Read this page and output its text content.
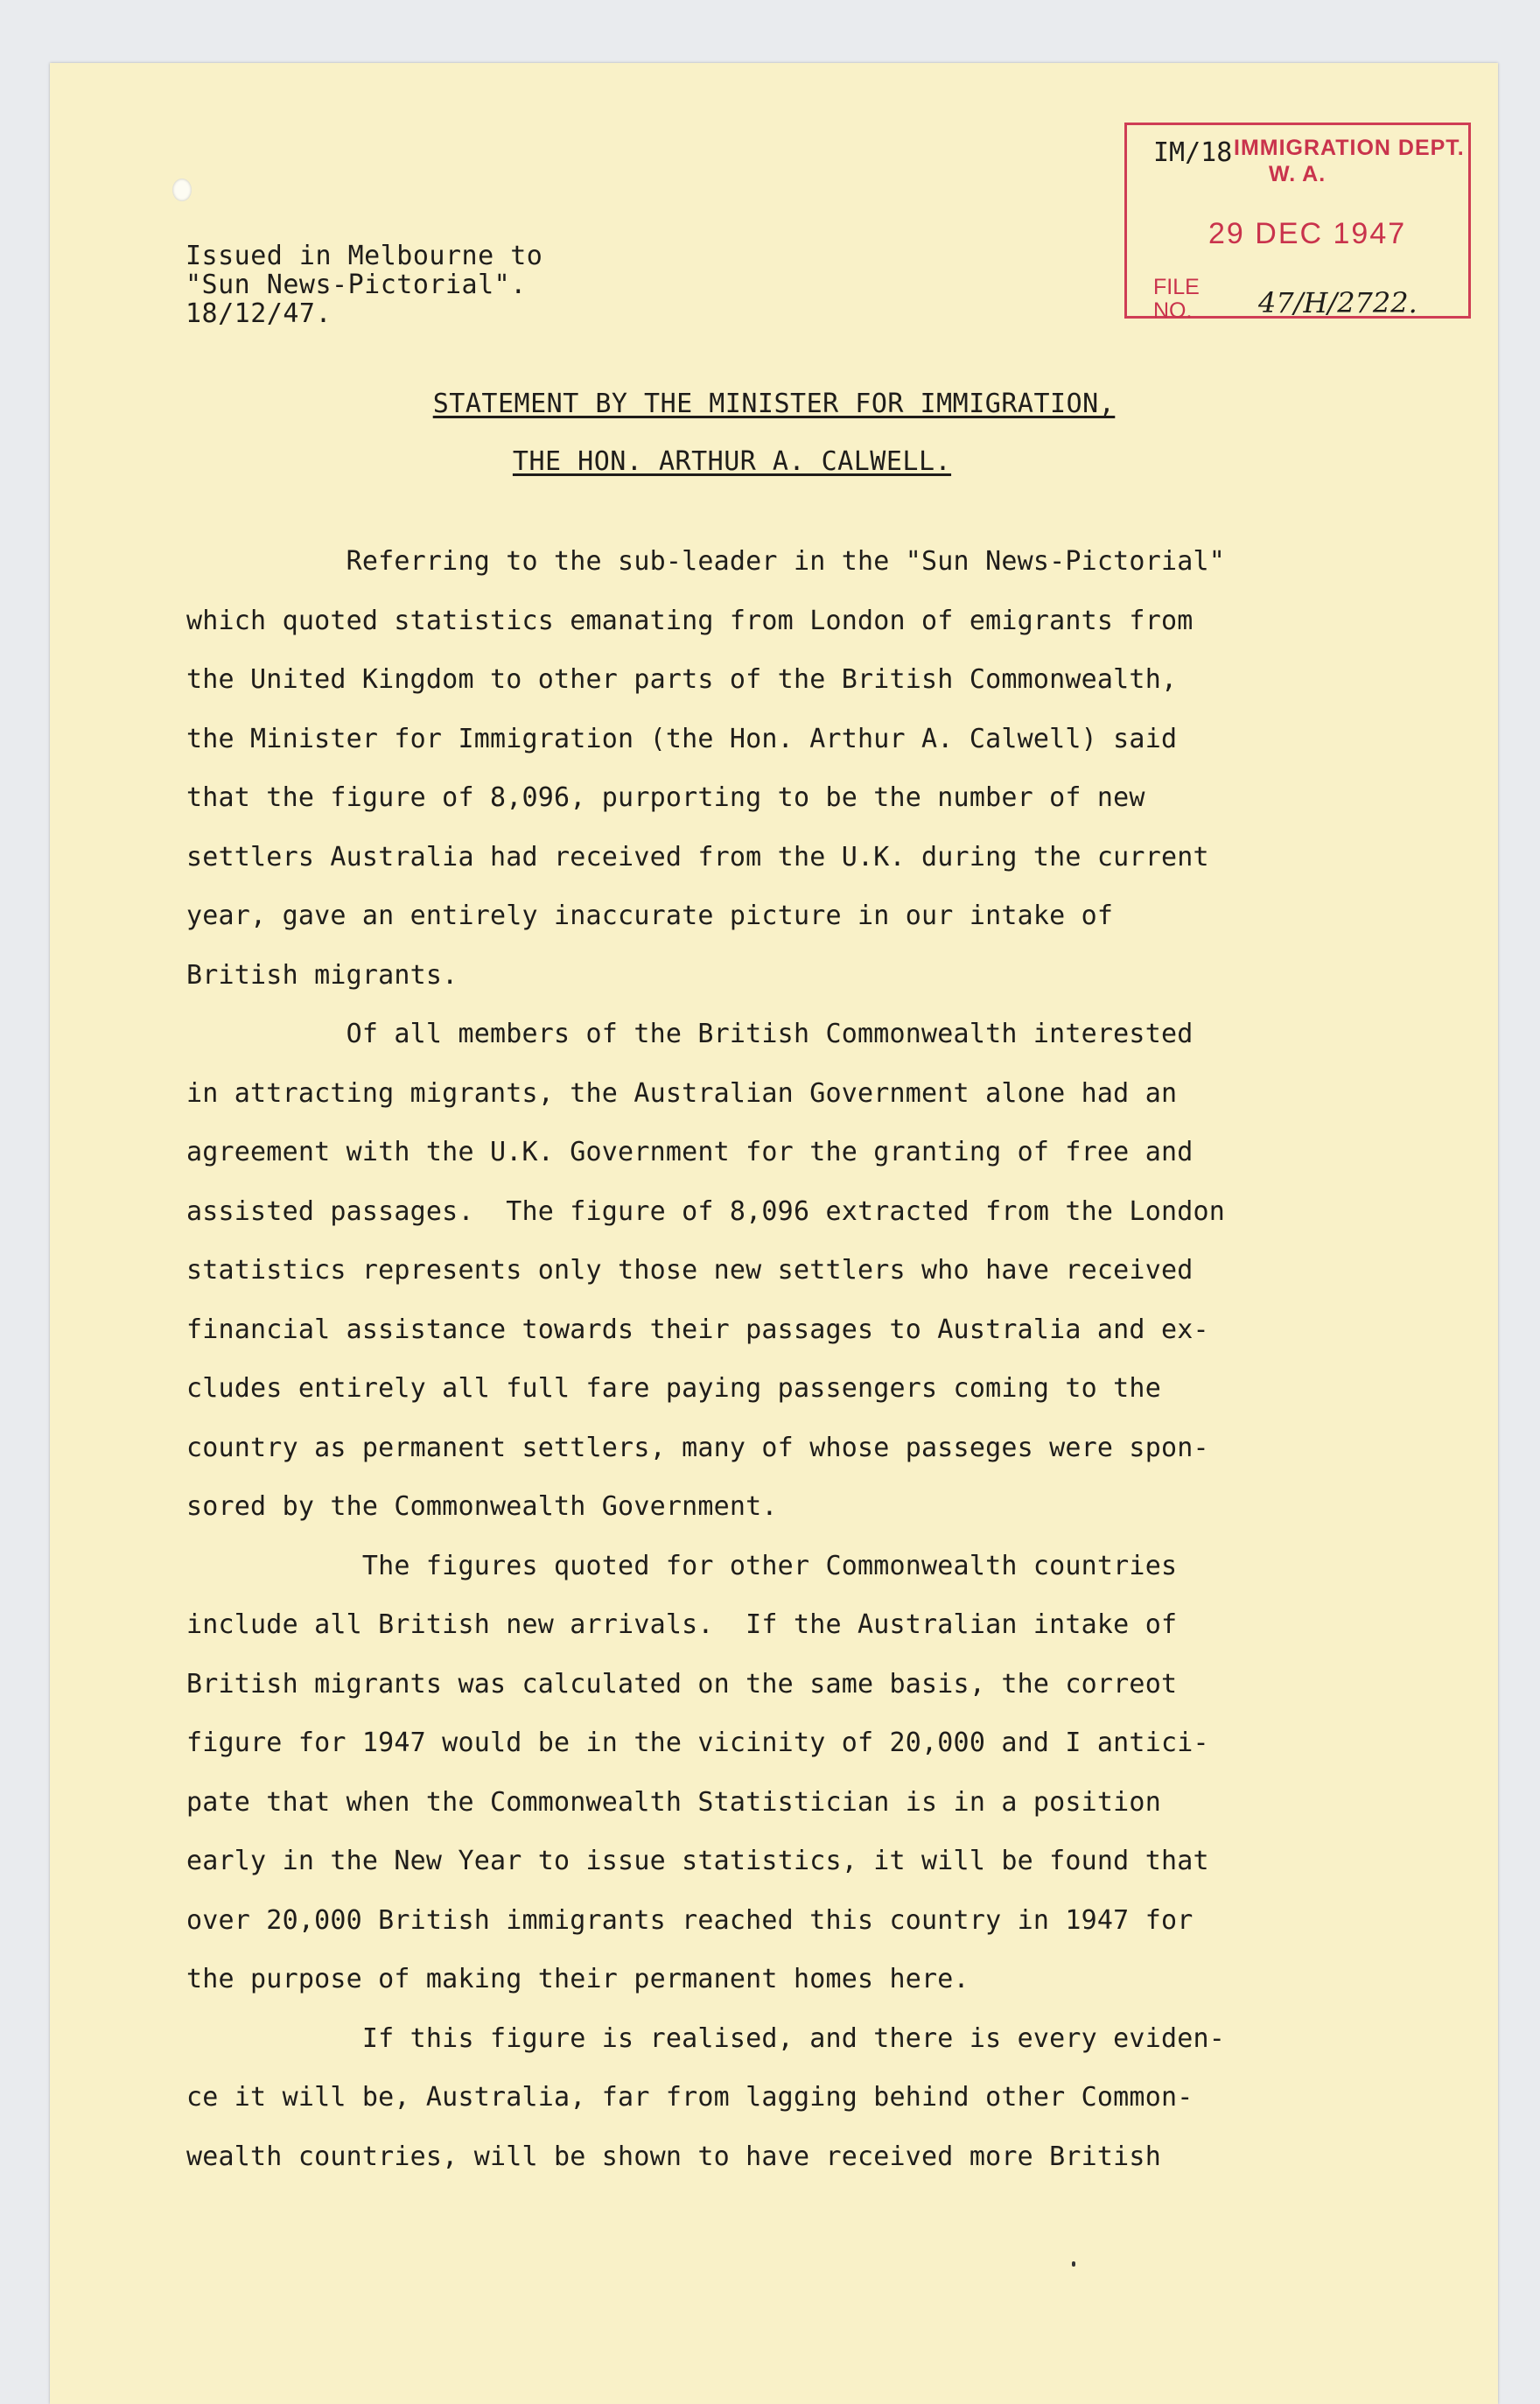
Issued in Melbourne to
"Sun News-Pictorial".
18/12/47.
IM/18 IMMIGRATION DEPT.
W. A.
29 DEC 1947
FILE
NO. 47/H/2722.
STATEMENT BY THE MINISTER FOR IMMIGRATION,
THE HON. ARTHUR A. CALWELL.

Referring to the sub-leader in the "Sun News-Pictorial"

which quoted statistics emanating from London of emigrants from

the United Kingdom to other parts of the British Commonwealth,

the Minister for Immigration (the Hon. Arthur A. Calwell) said

that the figure of 8,096, purporting to be the number of new

settlers Australia had received from the U.K. during the current

year, gave an entirely inaccurate picture in our intake of

British migrants.

Of all members of the British Commonwealth interested

in attracting migrants, the Australian Government alone had an

agreement with the U.K. Government for the granting of free and

assisted passages.  The figure of 8,096 extracted from the London

statistics represents only those new settlers who have received

financial assistance towards their passages to Australia and ex-

cludes entirely all full fare paying passengers coming to the

country as permanent settlers, many of whose passeges were spon-

sored by the Commonwealth Government.

The figures quoted for other Commonwealth countries

include all British new arrivals.  If the Australian intake of

British migrants was calculated on the same basis, the correot

figure for 1947 would be in the vicinity of 20,000 and I antici-

pate that when the Commonwealth Statistician is in a position

early in the New Year to issue statistics, it will be found that

over 20,000 British immigrants reached this country in 1947 for

the purpose of making their permanent homes here.

If this figure is realised, and there is every eviden-

ce it will be, Australia, far from lagging behind other Common-

wealth countries, will be shown to have received more British
